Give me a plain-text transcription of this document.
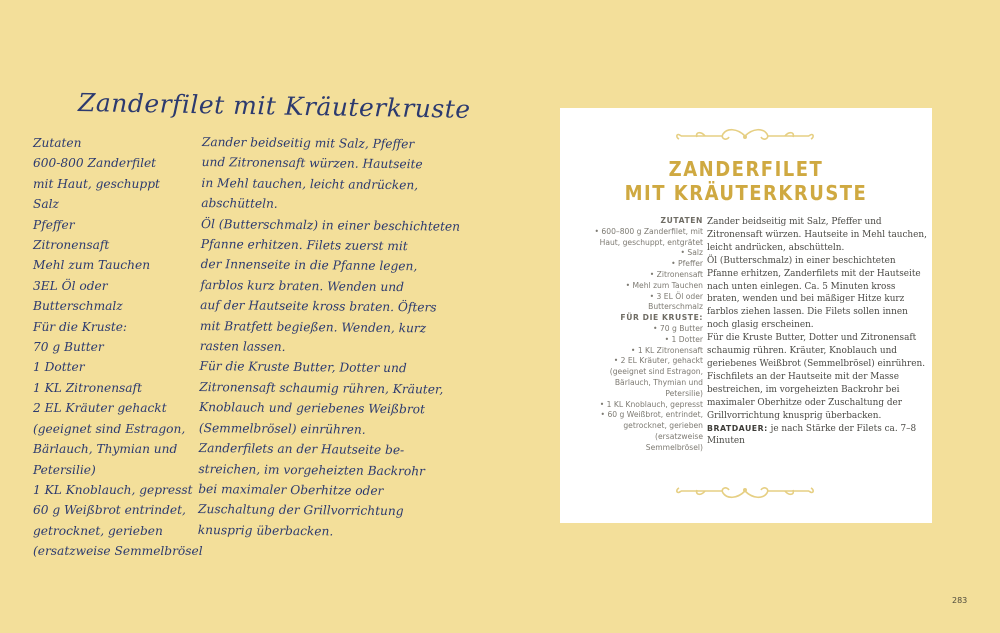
Zanderfilet mit Kräuterkruste
Zutaten
600-800 Zanderfilet
mit Haut, geschuppt
Salz
Pfeffer
Zitronensaft
Mehl zum Tauchen
3EL Öl oder
Butterschmalz
Für die Kruste:
70 g Butter
1 Dotter
1 KL Zitronensaft
2 EL Kräuter gehackt
(geeignet sind Estragon,
Bärlauch, Thymian und
Petersilie)
1 KL Knoblauch, gepresst
60 g Weißbrot entrindet,
getrocknet, gerieben
(ersatzweise Semmelbrösel
Zander beidseitig mit Salz, Pfeffer
und Zitronensaft würzen. Hautseite
in Mehl tauchen, leicht andrücken,
abschütteln.
Öl (Butterschmalz) in einer beschichteten
Pfanne erhitzen. Filets zuerst mit
der Innenseite in die Pfanne legen,
farblos kurz braten. Wenden und
auf der Hautseite kross braten. Öfters
mit Bratfett begießen. Wenden, kurz
rasten lassen.
Für die Kruste Butter, Dotter und
Zitronensaft schaumig rühren, Kräuter,
Knoblauch und geriebenes Weißbrot
(Semmelbrösel) einrühren.
Zanderfilets an der Hautseite be-
streichen, im vorgeheizten Backrohr
bei maximaler Oberhitze oder
Zuschaltung der Grillvorrichtung
knusprig überbacken.
ZANDERFILET
MIT KRÄUTERKRUSTE
ZUTATEN
• 600–800 g Zanderfilet, mit
Haut, geschuppt, entgrätet
• Salz
• Pfeffer
• Zitronensaft
• Mehl zum Tauchen
• 3 EL Öl oder
Butterschmalz
FÜR DIE KRUSTE:
• 70 g Butter
• 1 Dotter
• 1 KL Zitronensaft
• 2 EL Kräuter, gehackt
(geeignet sind Estragon,
Bärlauch, Thymian und
Petersilie)
• 1 KL Knoblauch, gepresst
• 60 g Weißbrot, entrindet,
getrocknet, gerieben
(ersatzweise
Semmelbrösel)
Zander beidseitig mit Salz, Pfeffer und Zitronensaft würzen. Hautseite in Mehl tauchen, leicht andrücken, abschütteln.
Öl (Butterschmalz) in einer beschichteten Pfanne erhitzen, Zanderfilets mit der Hautseite nach unten einlegen. Ca. 5 Minuten kross braten, wenden und bei mäßiger Hitze kurz farblos ziehen lassen. Die Filets sollen innen noch glasig erscheinen.
Für die Kruste Butter, Dotter und Zitronensaft schaumig rühren. Kräuter, Knoblauch und geriebenes Weißbrot (Semmelbrösel) einrühren.
Fischfilets an der Hautseite mit der Masse bestreichen, im vorgeheizten Backrohr bei maximaler Oberhitze oder Zuschaltung der Grillvorrichtung knusprig überbacken.
BRATDAUER: je nach Stärke der Filets ca. 7–8 Minuten
283
